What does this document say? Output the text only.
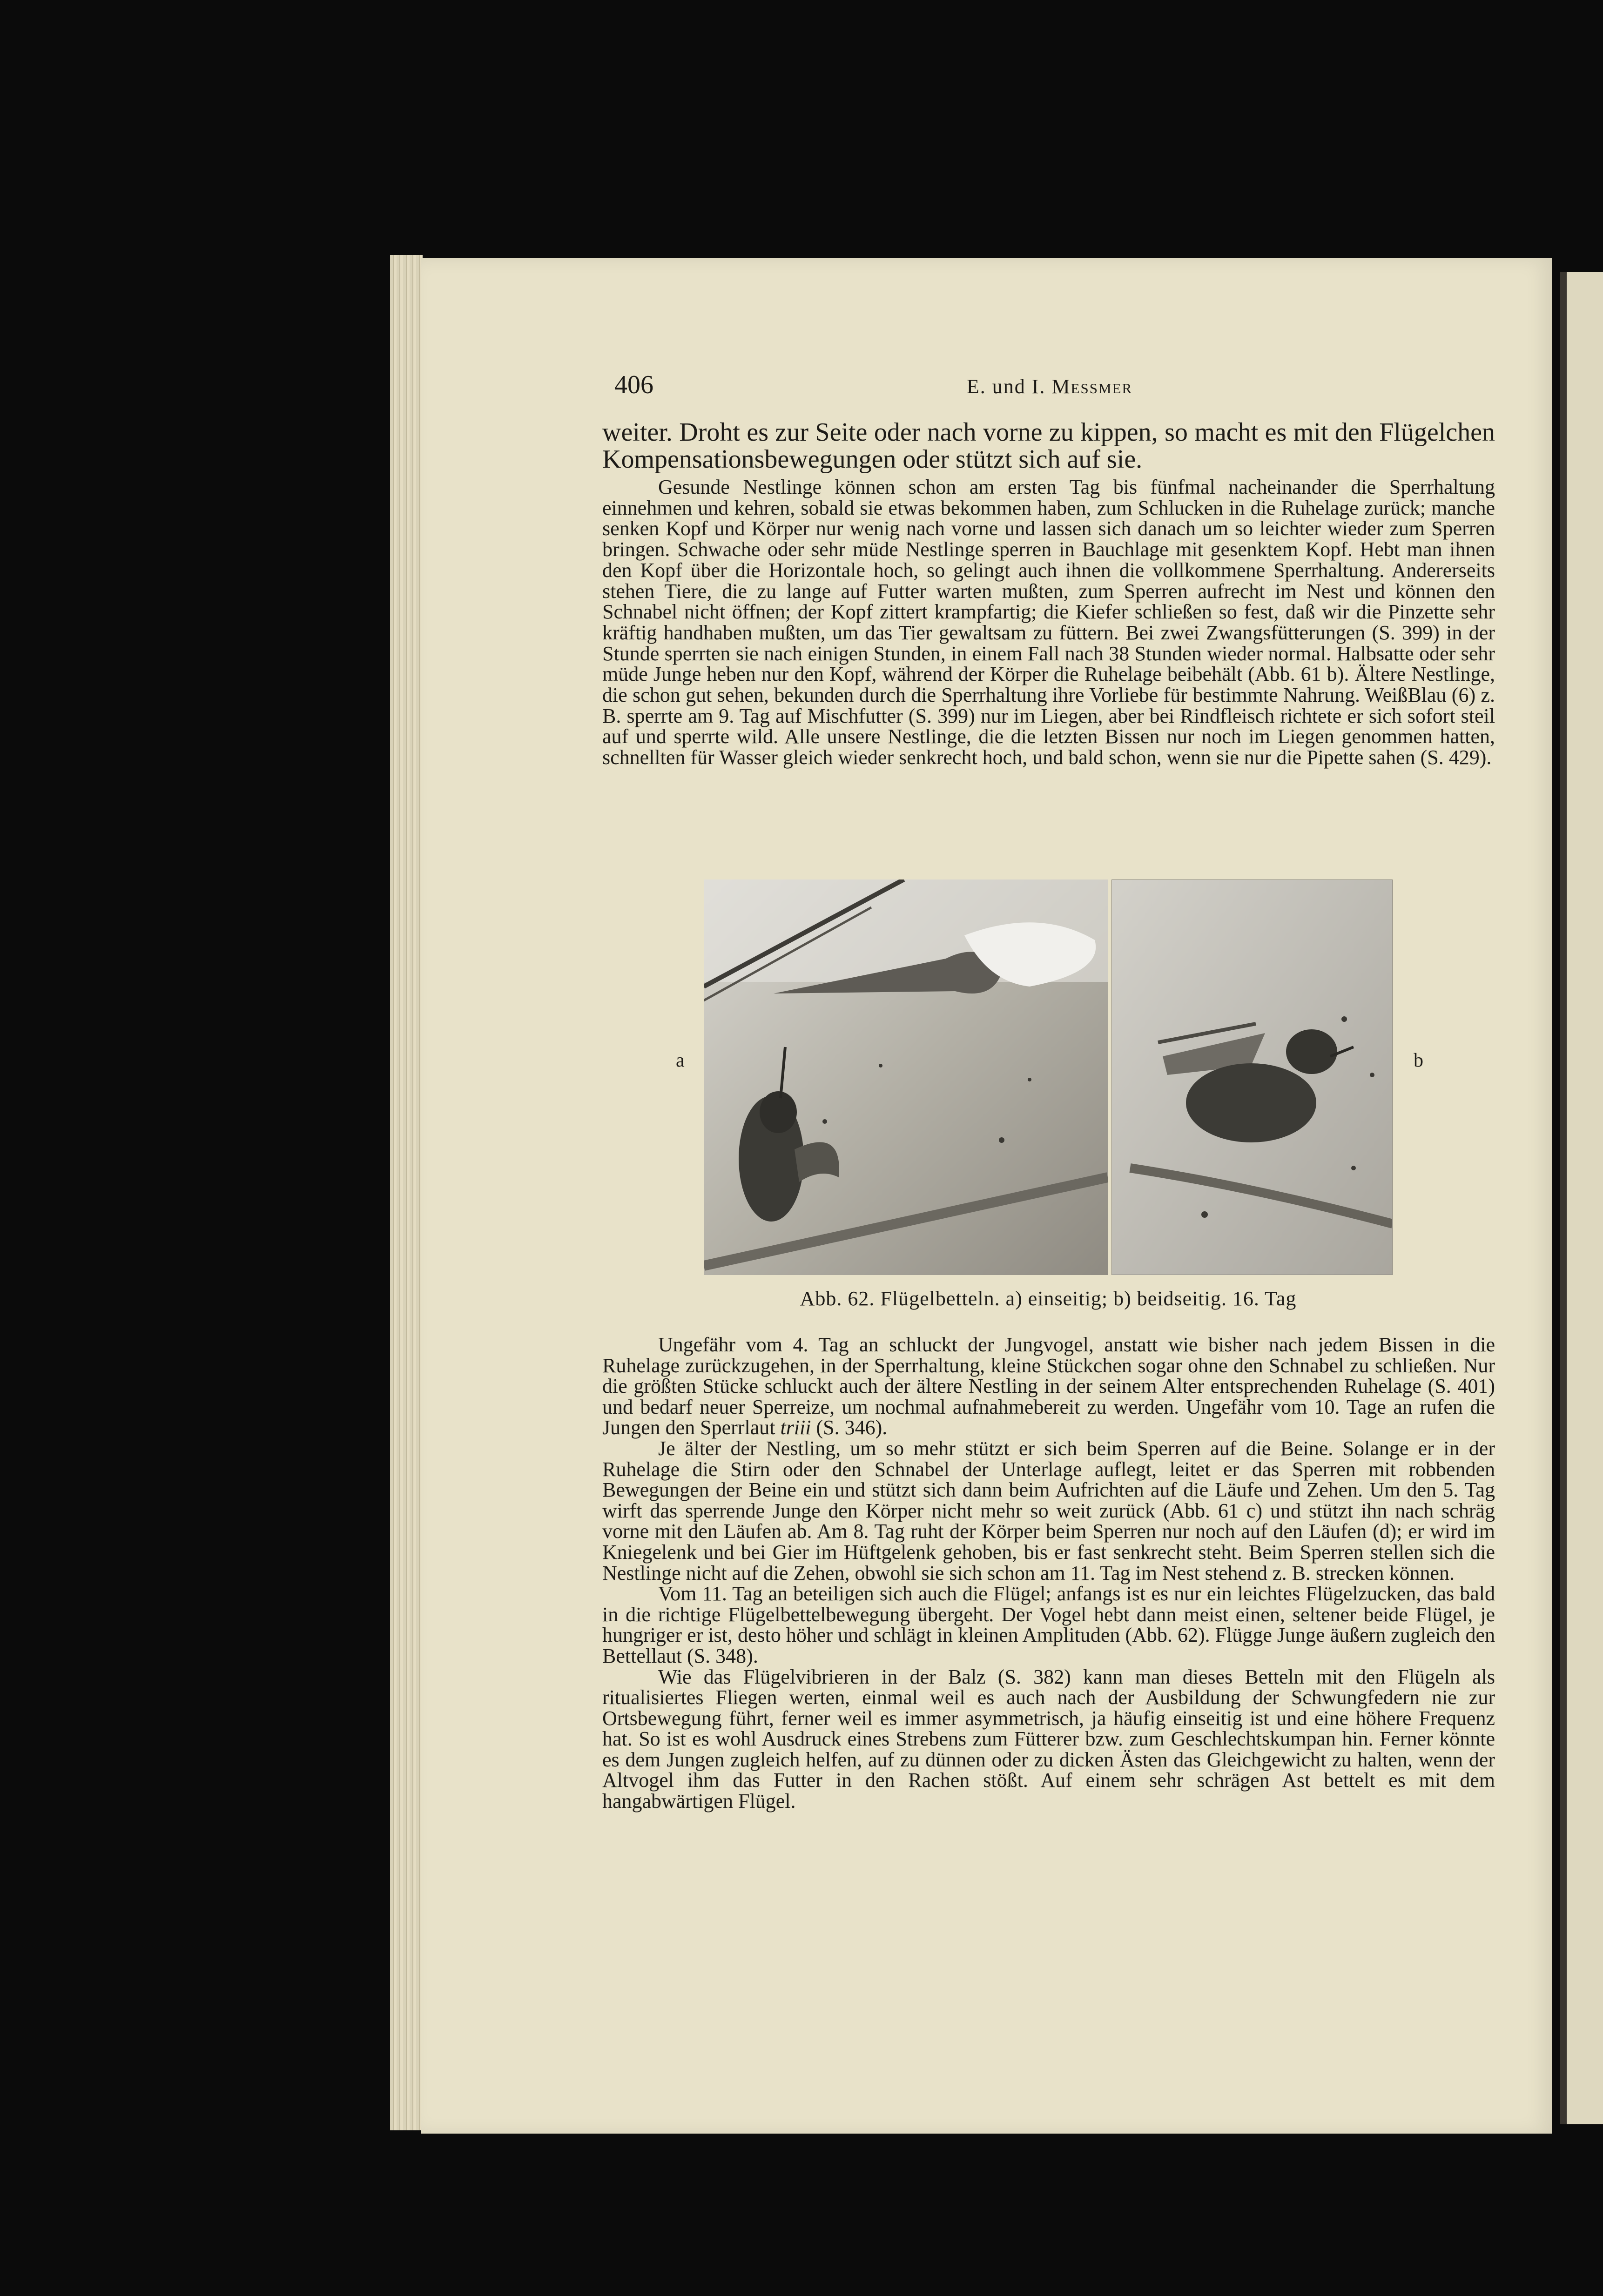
406	E. und I. Messmer

weiter. Droht es zur Seite oder nach vorne zu kippen, so macht es mit den Flügelchen Kompensationsbewegungen oder stützt sich auf sie.

Gesunde Nestlinge können schon am ersten Tag bis fünfmal nacheinander die Sperrhaltung einnehmen und kehren, sobald sie etwas bekommen haben, zum Schlucken in die Ruhelage zurück; manche senken Kopf und Körper nur wenig nach vorne und lassen sich danach um so leichter wieder zum Sperren bringen. Schwache oder sehr müde Nestlinge sperren in Bauchlage mit gesenktem Kopf. Hebt man ihnen den Kopf über die Horizontale hoch, so gelingt auch ihnen die vollkommene Sperrhaltung. Andererseits stehen Tiere, die zu lange auf Futter warten mußten, zum Sperren aufrecht im Nest und können den Schnabel nicht öffnen; der Kopf zittert krampfartig; die Kiefer schließen so fest, daß wir die Pinzette sehr kräftig handhaben mußten, um das Tier gewaltsam zu füttern. Bei zwei Zwangsfütterungen (S. 399) in der Stunde sperrten sie nach einigen Stunden, in einem Fall nach 38 Stunden wieder normal. Halbsatte oder sehr müde Junge heben nur den Kopf, während der Körper die Ruhelage beibehält (Abb. 61 b). Ältere Nestlinge, die schon gut sehen, bekunden durch die Sperrhaltung ihre Vorliebe für bestimmte Nahrung. WeißBlau (6) z. B. sperrte am 9. Tag auf Mischfutter (S. 399) nur im Liegen, aber bei Rindfleisch richtete er sich sofort steil auf und sperrte wild. Alle unsere Nestlinge, die die letzten Bissen nur noch im Liegen genommen hatten, schnellten für Wasser gleich wieder senkrecht hoch, und bald schon, wenn sie nur die Pipette sahen (S. 429).

a	b
Abb. 62. Flügelbetteln. a) einseitig; b) beidseitig. 16. Tag

Ungefähr vom 4. Tag an schluckt der Jungvogel, anstatt wie bisher nach jedem Bissen in die Ruhelage zurückzugehen, in der Sperrhaltung, kleine Stückchen sogar ohne den Schnabel zu schließen. Nur die größten Stücke schluckt auch der ältere Nestling in der seinem Alter entsprechenden Ruhelage (S. 401) und bedarf neuer Sperreize, um nochmal aufnahmebereit zu werden. Ungefähr vom 10. Tage an rufen die Jungen den Sperrlaut triii (S. 346).

Je älter der Nestling, um so mehr stützt er sich beim Sperren auf die Beine. Solange er in der Ruhelage die Stirn oder den Schnabel der Unterlage auflegt, leitet er das Sperren mit robbenden Bewegungen der Beine ein und stützt sich dann beim Aufrichten auf die Läufe und Zehen. Um den 5. Tag wirft das sperrende Junge den Körper nicht mehr so weit zurück (Abb. 61 c) und stützt ihn nach schräg vorne mit den Läufen ab. Am 8. Tag ruht der Körper beim Sperren nur noch auf den Läufen (d); er wird im Kniegelenk und bei Gier im Hüftgelenk gehoben, bis er fast senkrecht steht. Beim Sperren stellen sich die Nestlinge nicht auf die Zehen, obwohl sie sich schon am 11. Tag im Nest stehend z. B. strecken können.

Vom 11. Tag an beteiligen sich auch die Flügel; anfangs ist es nur ein leichtes Flügelzucken, das bald in die richtige Flügelbettelbewegung übergeht. Der Vogel hebt dann meist einen, seltener beide Flügel, je hungriger er ist, desto höher und schlägt in kleinen Amplituden (Abb. 62). Flügge Junge äußern zugleich den Bettellaut (S. 348).

Wie das Flügelvibrieren in der Balz (S. 382) kann man dieses Betteln mit den Flügeln als ritualisiertes Fliegen werten, einmal weil es auch nach der Ausbildung der Schwungfedern nie zur Ortsbewegung führt, ferner weil es immer asymmetrisch, ja häufig einseitig ist und eine höhere Frequenz hat. So ist es wohl Ausdruck eines Strebens zum Fütterer bzw. zum Geschlechtskumpan hin. Ferner könnte es dem Jungen zugleich helfen, auf zu dünnen oder zu dicken Ästen das Gleichgewicht zu halten, wenn der Altvogel ihm das Futter in den Rachen stößt. Auf einem sehr schrägen Ast bettelt es mit dem hangabwärtigen Flügel.
